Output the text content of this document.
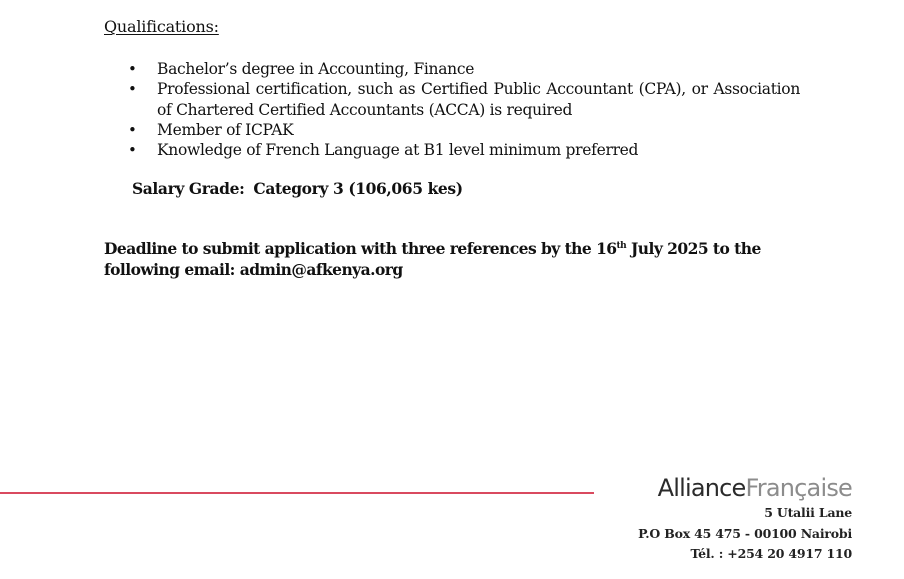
Qualifications:
• Bachelor’s degree in Accounting, Finance
• Professional certification, such as Certified Public Accountant (CPA), or Association of Chartered Certified Accountants (ACCA) is required
• Member of ICPAK
• Knowledge of French Language at B1 level minimum preferred
Salary Grade: Category 3 (106,065 kes)
Deadline to submit application with three references by the 16th July 2025 to the following email: admin@afkenya.org
AllianceFrançaise
5 Utalii Lane
P.O Box 45 475 - 00100 Nairobi
Tél. : +254 20 4917 110
